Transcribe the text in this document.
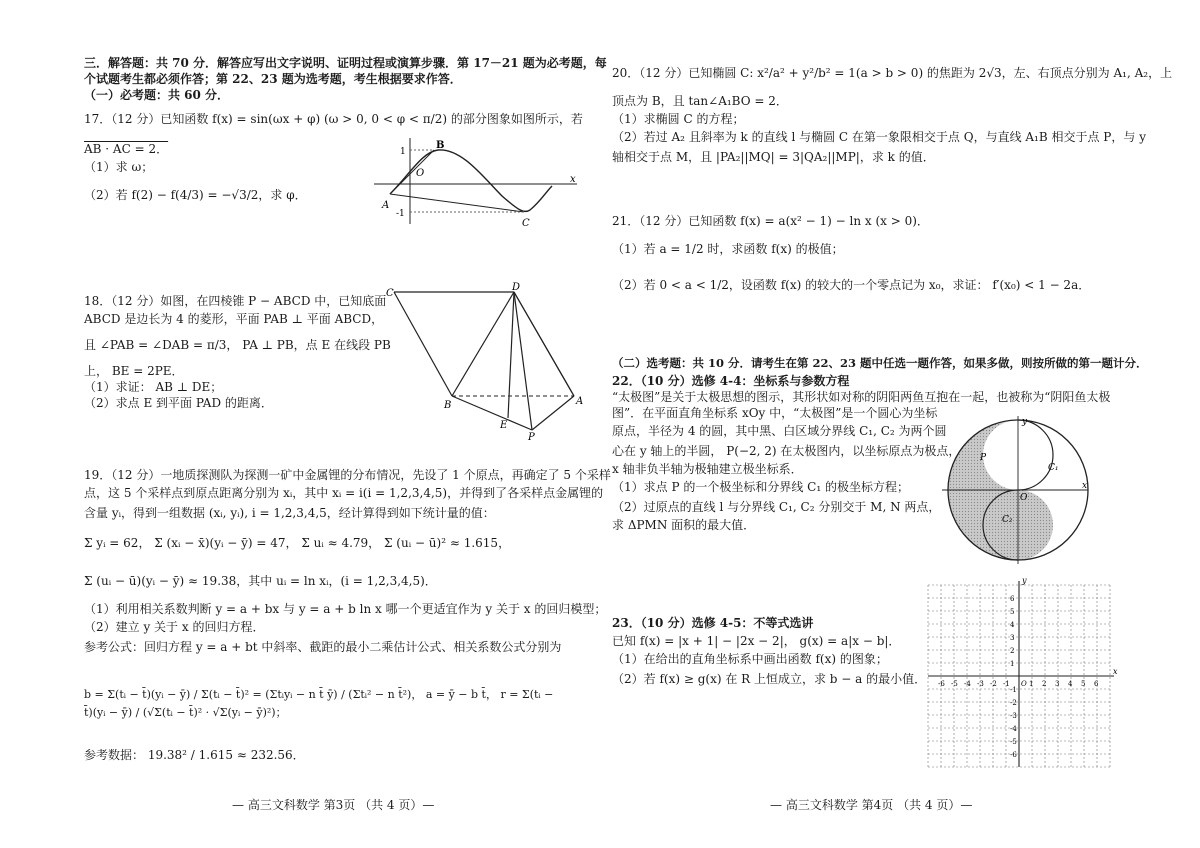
三．解答题：共 70 分．解答应写出文字说明、证明过程或演算步骤．第 17－21 题为必考题，每
个试题考生都必须作答；第 22、23 题为选考题，考生根据要求作答．
（一）必考题：共 60 分．
17．（12 分）已知函数 f(x) = sin(ωx + φ) (ω > 0, 0 < φ < π/2) 的部分图象如图所示，若
AB · AC = 2．
（1）求 ω；
（2）若 f(2) − f(4/3) = −√3/2，求 φ．
B
O
A
C
x
1
-1
18．（12 分）如图，在四棱锥 P − ABCD 中，已知底面
ABCD 是边长为 4 的菱形，平面 PAB ⊥ 平面 ABCD，
且 ∠PAB = ∠DAB = π/3， PA ⊥ PB，点 E 在线段 PB
上， BE = 2PE．
（1）求证： AB ⊥ DE；
（2）求点 E 到平面 PAD 的距离．
C
D
B	A
E
P
19．（12 分）一地质探测队为探测一矿中金属锂的分布情况，先设了 1 个原点，再确定了 5 个采样
点，这 5 个采样点到原点距离分别为 xᵢ，其中 xᵢ = i(i = 1,2,3,4,5)，并得到了各采样点金属锂的
含量 yᵢ，得到一组数据 (xᵢ, yᵢ), i = 1,2,3,4,5，经计算得到如下统计量的值：
Σ yᵢ = 62， Σ (xᵢ − x̄)(yᵢ − ȳ) = 47， Σ uᵢ ≈ 4.79， Σ (uᵢ − ū)² ≈ 1.615，
Σ (uᵢ − ū)(yᵢ − ȳ) ≈ 19.38，其中 uᵢ = ln xᵢ，(i = 1,2,3,4,5)．
（1）利用相关系数判断 y = a + bx 与 y = a + b ln x 哪一个更适宜作为 y 关于 x 的回归模型；
（2）建立 y 关于 x 的回归方程．
参考公式：回归方程 y = a + bt 中斜率、截距的最小二乘估计公式、相关系数公式分别为
b = Σ(tᵢ − t̄)(yᵢ − ȳ) / Σ(tᵢ − t̄)² = (Σtᵢyᵢ − n t̄ ȳ) / (Σtᵢ² − n t̄²)， a = ȳ − b t̄， r = Σ(tᵢ − t̄)(yᵢ − ȳ) / (√Σ(tᵢ − t̄)² · √Σ(yᵢ − ȳ)²)；
参考数据： 19.38² / 1.615 ≈ 232.56．
— 高三文科数学 第3页 （共 4 页）—
20．（12 分）已知椭圆 C: x²/a² + y²/b² = 1(a > b > 0) 的焦距为 2√3，左、右顶点分别为 A₁, A₂，上
顶点为 B，且 tan∠A₁BO = 2．
（1）求椭圆 C 的方程；
（2）若过 A₂ 且斜率为 k 的直线 l 与椭圆 C 在第一象限相交于点 Q，与直线 A₁B 相交于点 P，与 y
轴相交于点 M，且 |PA₂||MQ| = 3|QA₂||MP|，求 k 的值．
21．（12 分）已知函数 f(x) = a(x² − 1) − ln x (x > 0)．
（1）若 a = 1/2 时，求函数 f(x) 的极值；
（2）若 0 < a < 1/2，设函数 f(x) 的较大的一个零点记为 x₀，求证： f′(x₀) < 1 − 2a．
（二）选考题：共 10 分．请考生在第 22、23 题中任选一题作答，如果多做，则按所做的第一题计分．
22．（10 分）选修 4-4：坐标系与参数方程
“太极图”是关于太极思想的图示，其形状如对称的阴阳两鱼互抱在一起，也被称为“阴阳鱼太极
图”．在平面直角坐标系 xOy 中，“太极图”是一个圆心为坐标
原点，半径为 4 的圆，其中黑、白区域分界线 C₁, C₂ 为两个圆
心在 y 轴上的半圆， P(−2, 2) 在太极图内，以坐标原点为极点，
x 轴非负半轴为极轴建立极坐标系．
（1）求点 P 的一个极坐标和分界线 C₁ 的极坐标方程；
（2）过原点的直线 l 与分界线 C₁, C₂ 分别交于 M, N 两点，
求 ΔPMN 面积的最大值．
y
x
O
P
C₁
C₂
23．（10 分）选修 4-5：不等式选讲
已知 f(x) = |x + 1| − |2x − 2|， g(x) = a|x − b|．
（1）在给出的直角坐标系中画出函数 f(x) 的图象；
（2）若 f(x) ≥ g(x) 在 R 上恒成立，求 b − a 的最小值． -6 -5 -4 -3 -2 -1	1 2 3 4 5 6
6
5
4
3
2
1
-1
-2
-3
-4
-5
-6
x
y
O
— 高三文科数学 第4页 （共 4 页）—
